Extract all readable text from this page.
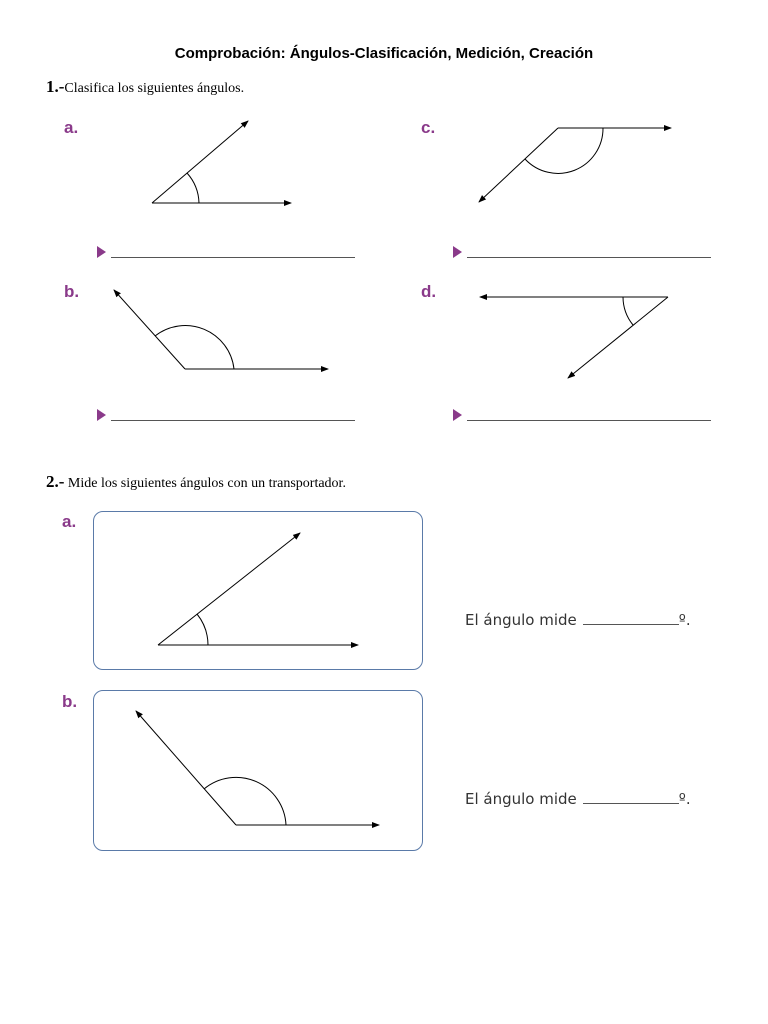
Comprobación: Ángulos-Clasificación, Medición, Creación
1.-Clasifica los siguientes ángulos.
a.
b.
c.
d.
2.- Mide los siguientes ángulos con un transportador.
a.
b.
El ángulo mide	º.
El ángulo mide	º.
